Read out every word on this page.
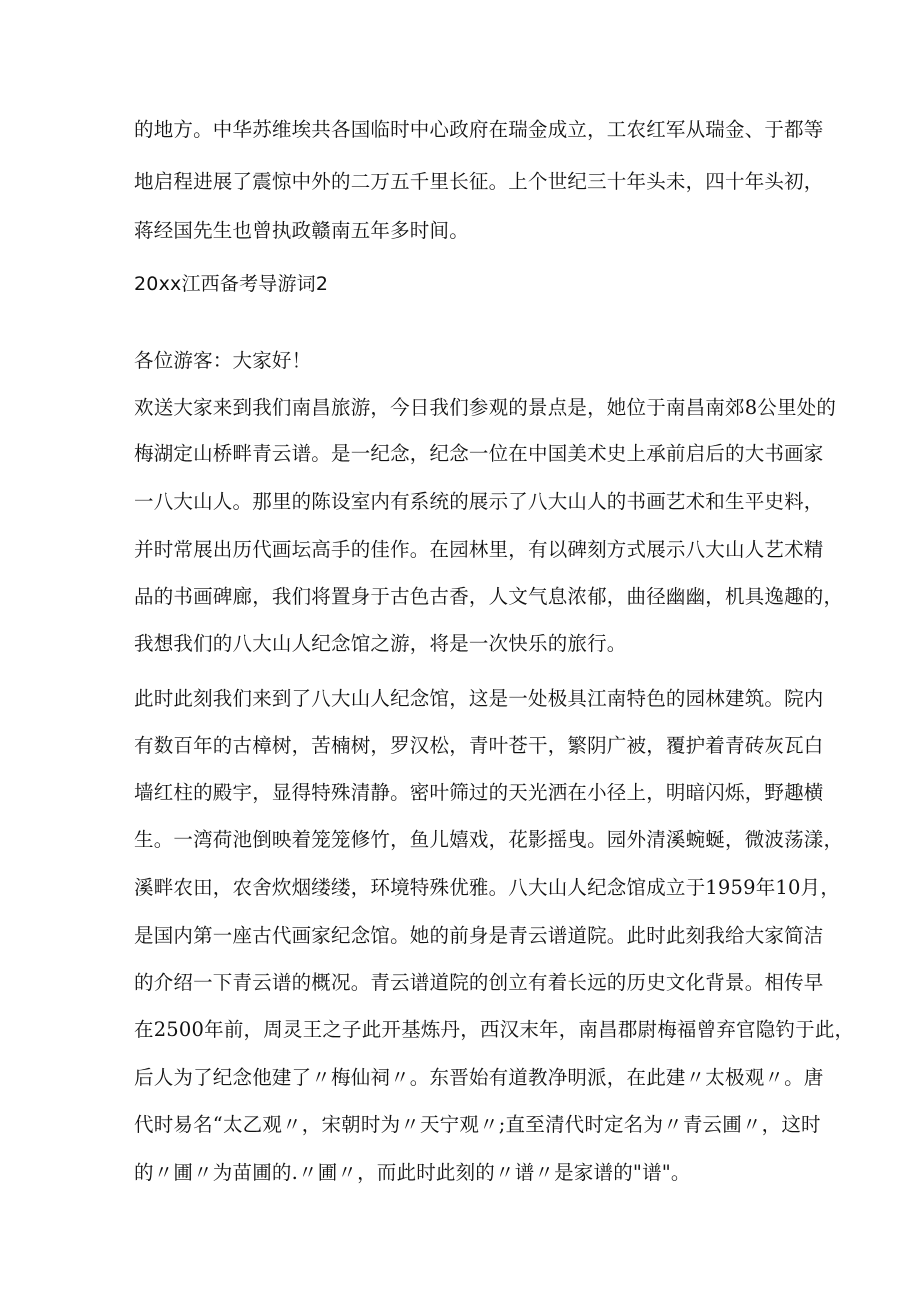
的地方。中华苏维埃共各国临时中心政府在瑞金成立，工农红军从瑞金、于都等
地启程进展了震惊中外的二万五千里长征。上个世纪三十年头未，四十年头初，
蒋经国先生也曾执政赣南五年多时间。
20xx江西备考导游词2
各位游客：大家好！
欢送大家来到我们南昌旅游，今日我们参观的景点是，她位于南昌南郊8公里处的
梅湖定山桥畔青云谱。是一纪念，纪念一位在中国美术史上承前启后的大书画家
一八大山人。那里的陈设室内有系统的展示了八大山人的书画艺术和生平史料，
并时常展出历代画坛高手的佳作。在园林里，有以碑刻方式展示八大山人艺术精
品的书画碑廊，我们将置身于古色古香，人文气息浓郁，曲径幽幽，机具逸趣的，
我想我们的八大山人纪念馆之游，将是一次快乐的旅行。
此时此刻我们来到了八大山人纪念馆，这是一处极具江南特色的园林建筑。院内
有数百年的古樟树，苦楠树，罗汉松，青叶苍干，繁阴广被，覆护着青砖灰瓦白
墙红柱的殿宇，显得特殊清静。密叶筛过的天光洒在小径上，明暗闪烁，野趣横
生。一湾荷池倒映着笼笼修竹，鱼儿嬉戏，花影摇曳。园外清溪蜿蜒，微波荡漾，
溪畔农田，农舍炊烟缕缕，环境特殊优雅。八大山人纪念馆成立于1959年10月，
是国内第一座古代画家纪念馆。她的前身是青云谱道院。此时此刻我给大家简洁
的介绍一下青云谱的概况。青云谱道院的创立有着长远的历史文化背景。相传早
在2500年前，周灵王之子此开基炼丹，西汉末年，南昌郡尉梅福曾弃官隐钓于此，
后人为了纪念他建了〃梅仙祠〃。东晋始有道教净明派，在此建〃太极观〃。唐
代时易名“太乙观〃，宋朝时为〃天宁观〃;直至清代时定名为〃青云圃〃，这时
的〃圃〃为苗圃的.〃圃〃，而此时此刻的〃谱〃是家谱的"谱"。
